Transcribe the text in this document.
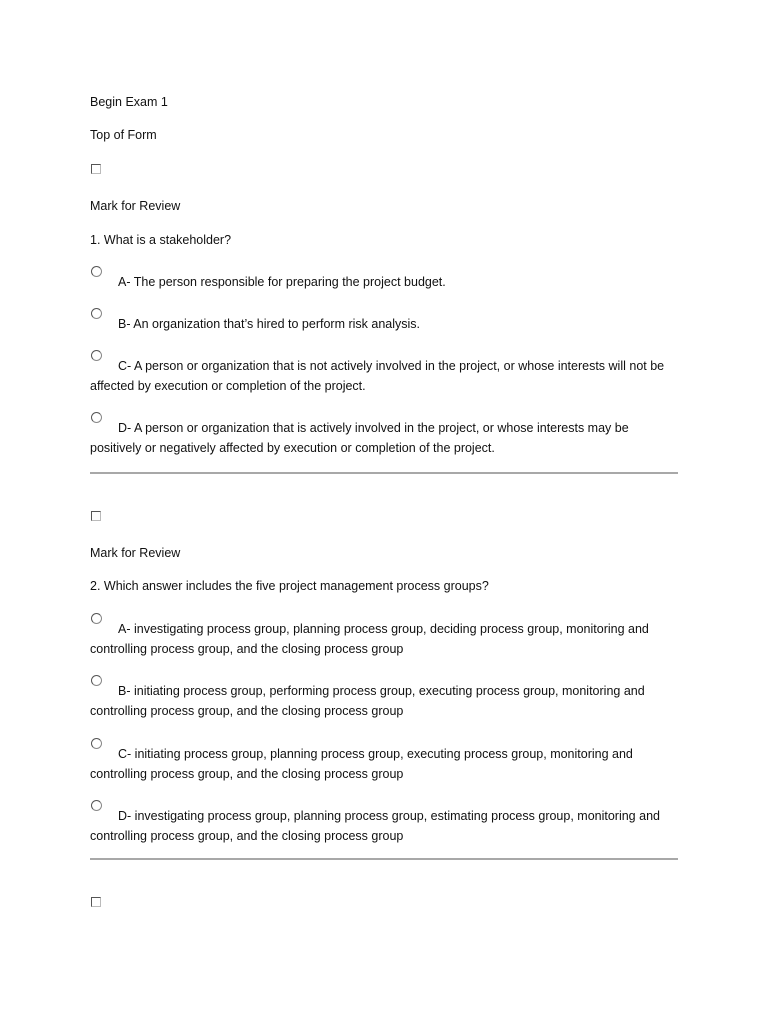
Begin Exam 1
Top of Form
Mark for Review
1. What is a stakeholder?
A- The person responsible for preparing the project budget.
B- An organization that’s hired to perform risk analysis.
C- A person or organization that is not actively involved in the project, or whose interests will not be affected by execution or completion of the project.
D- A person or organization that is actively involved in the project, or whose interests may be positively or negatively affected by execution or completion of the project.
Mark for Review
2. Which answer includes the five project management process groups?
A- investigating process group, planning process group, deciding process group, monitoring and controlling process group, and the closing process group
B- initiating process group, performing process group, executing process group, monitoring and controlling process group, and the closing process group
C- initiating process group, planning process group, executing process group, monitoring and controlling process group, and the closing process group
D- investigating process group, planning process group, estimating process group, monitoring and controlling process group, and the closing process group
